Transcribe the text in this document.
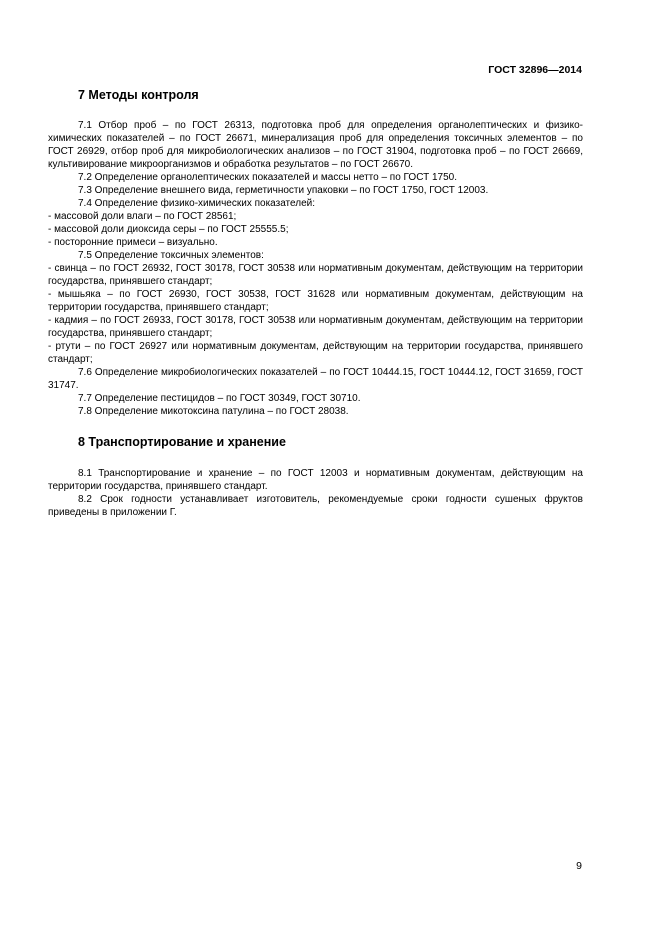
ГОСТ 32896—2014
7 Методы контроля

7.1 Отбор проб – по ГОСТ 26313, подготовка проб для определения органолептических и физико-химических показателей – по ГОСТ 26671, минерализация проб для определения токсичных элементов – по ГОСТ 26929, отбор проб для микробиологических анализов – по ГОСТ 31904, подготовка проб – по ГОСТ 26669, культивирование микроорганизмов и обработка результатов – по ГОСТ 26670.

7.2 Определение органолептических показателей и массы нетто – по ГОСТ 1750.

7.3 Определение внешнего вида, герметичности упаковки – по ГОСТ 1750, ГОСТ 12003.

7.4 Определение физико-химических показателей:

- массовой доли влаги – по ГОСТ 28561;

- массовой доли диоксида серы – по ГОСТ 25555.5;

- посторонние примеси – визуально.

7.5 Определение токсичных элементов:

- свинца – по ГОСТ 26932, ГОСТ 30178, ГОСТ 30538 или нормативным документам, действующим на территории государства, принявшего стандарт;

- мышьяка – по ГОСТ 26930, ГОСТ 30538, ГОСТ 31628 или нормативным документам, действующим на территории государства, принявшего стандарт;

- кадмия – по ГОСТ 26933, ГОСТ 30178, ГОСТ 30538 или нормативным документам, действующим на территории государства, принявшего стандарт;

- ртути – по ГОСТ 26927 или нормативным документам, действующим на территории государства, принявшего стандарт;

7.6 Определение микробиологических показателей – по ГОСТ 10444.15, ГОСТ 10444.12, ГОСТ 31659, ГОСТ 31747.

7.7 Определение пестицидов – по ГОСТ 30349, ГОСТ 30710.

7.8 Определение микотоксина патулина – по ГОСТ 28038.

8 Транспортирование и хранение

8.1 Транспортирование и хранение – по ГОСТ 12003 и нормативным документам, действующим на территории государства, принявшего стандарт.

8.2 Срок годности устанавливает изготовитель, рекомендуемые сроки годности сушеных фруктов приведены в приложении Г.

9
